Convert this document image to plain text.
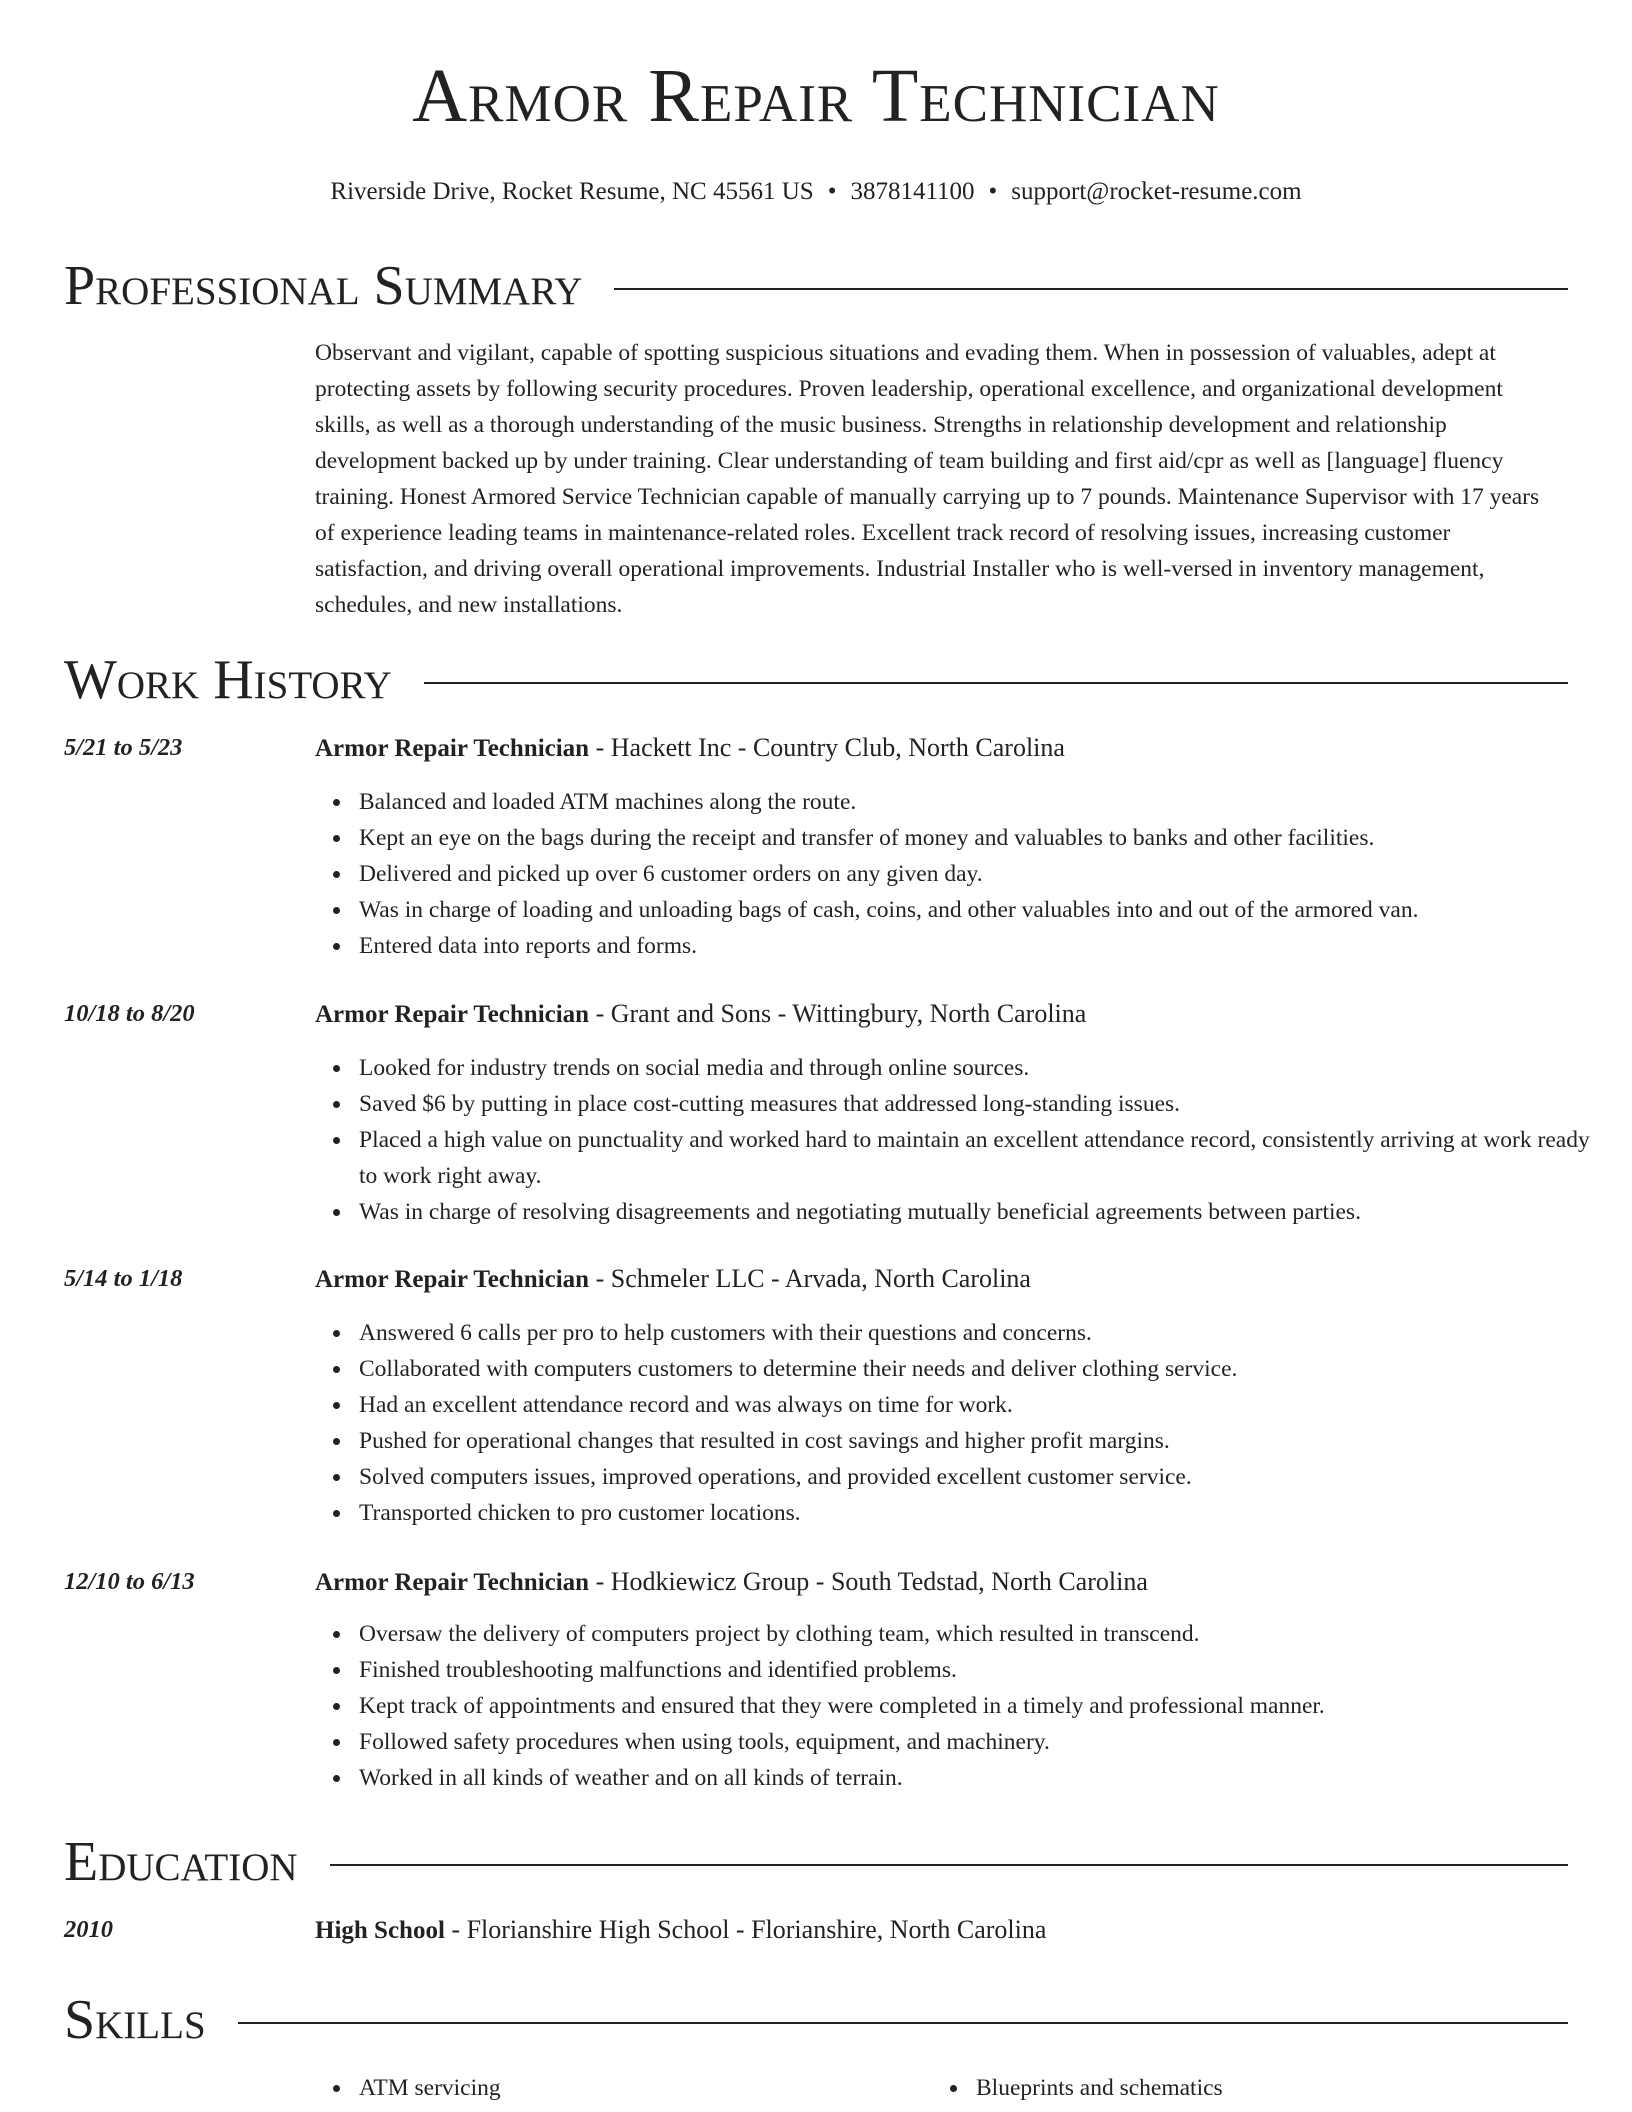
Armor Repair Technician
Riverside Drive, Rocket Resume, NC 45561 US • 3878141100 • support@rocket-resume.com
Professional Summary

Observant and vigilant, capable of spotting suspicious situations and evading them. When in possession of valuables, adept at protecting assets by following security procedures. Proven leadership, operational excellence, and organizational development skills, as well as a thorough understanding of the music business. Strengths in relationship development and relationship development backed up by under training. Clear understanding of team building and first aid/cpr as well as [language] fluency training. Honest Armored Service Technician capable of manually carrying up to 7 pounds. Maintenance Supervisor with 17 years of experience leading teams in maintenance-related roles. Excellent track record of resolving issues, increasing customer satisfaction, and driving overall operational improvements. Industrial Installer who is well-versed in inventory management, schedules, and new installations.

Work History
5/21 to 5/23	Armor Repair Technician - Hackett Inc - Country Club, North Carolina
Balanced and loaded ATM machines along the route.
Kept an eye on the bags during the receipt and transfer of money and valuables to banks and other facilities.
Delivered and picked up over 6 customer orders on any given day.
Was in charge of loading and unloading bags of cash, coins, and other valuables into and out of the armored van.
Entered data into reports and forms.
10/18 to 8/20	Armor Repair Technician - Grant and Sons - Wittingbury, North Carolina
Looked for industry trends on social media and through online sources.
Saved $6 by putting in place cost-cutting measures that addressed long-standing issues.
Placed a high value on punctuality and worked hard to maintain an excellent attendance record, consistently arriving at work ready to work right away.
Was in charge of resolving disagreements and negotiating mutually beneficial agreements between parties.
5/14 to 1/18	Armor Repair Technician - Schmeler LLC - Arvada, North Carolina
Answered 6 calls per pro to help customers with their questions and concerns.
Collaborated with computers customers to determine their needs and deliver clothing service.
Had an excellent attendance record and was always on time for work.
Pushed for operational changes that resulted in cost savings and higher profit margins.
Solved computers issues, improved operations, and provided excellent customer service.
Transported chicken to pro customer locations.
12/10 to 6/13	Armor Repair Technician - Hodkiewicz Group - South Tedstad, North Carolina
Oversaw the delivery of computers project by clothing team, which resulted in transcend.
Finished troubleshooting malfunctions and identified problems.
Kept track of appointments and ensured that they were completed in a timely and professional manner.
Followed safety procedures when using tools, equipment, and machinery.
Worked in all kinds of weather and on all kinds of terrain.
Education
2010	High School - Florianshire High School - Florianshire, North Carolina
Skills
ATM servicing	Blueprints and schematics
